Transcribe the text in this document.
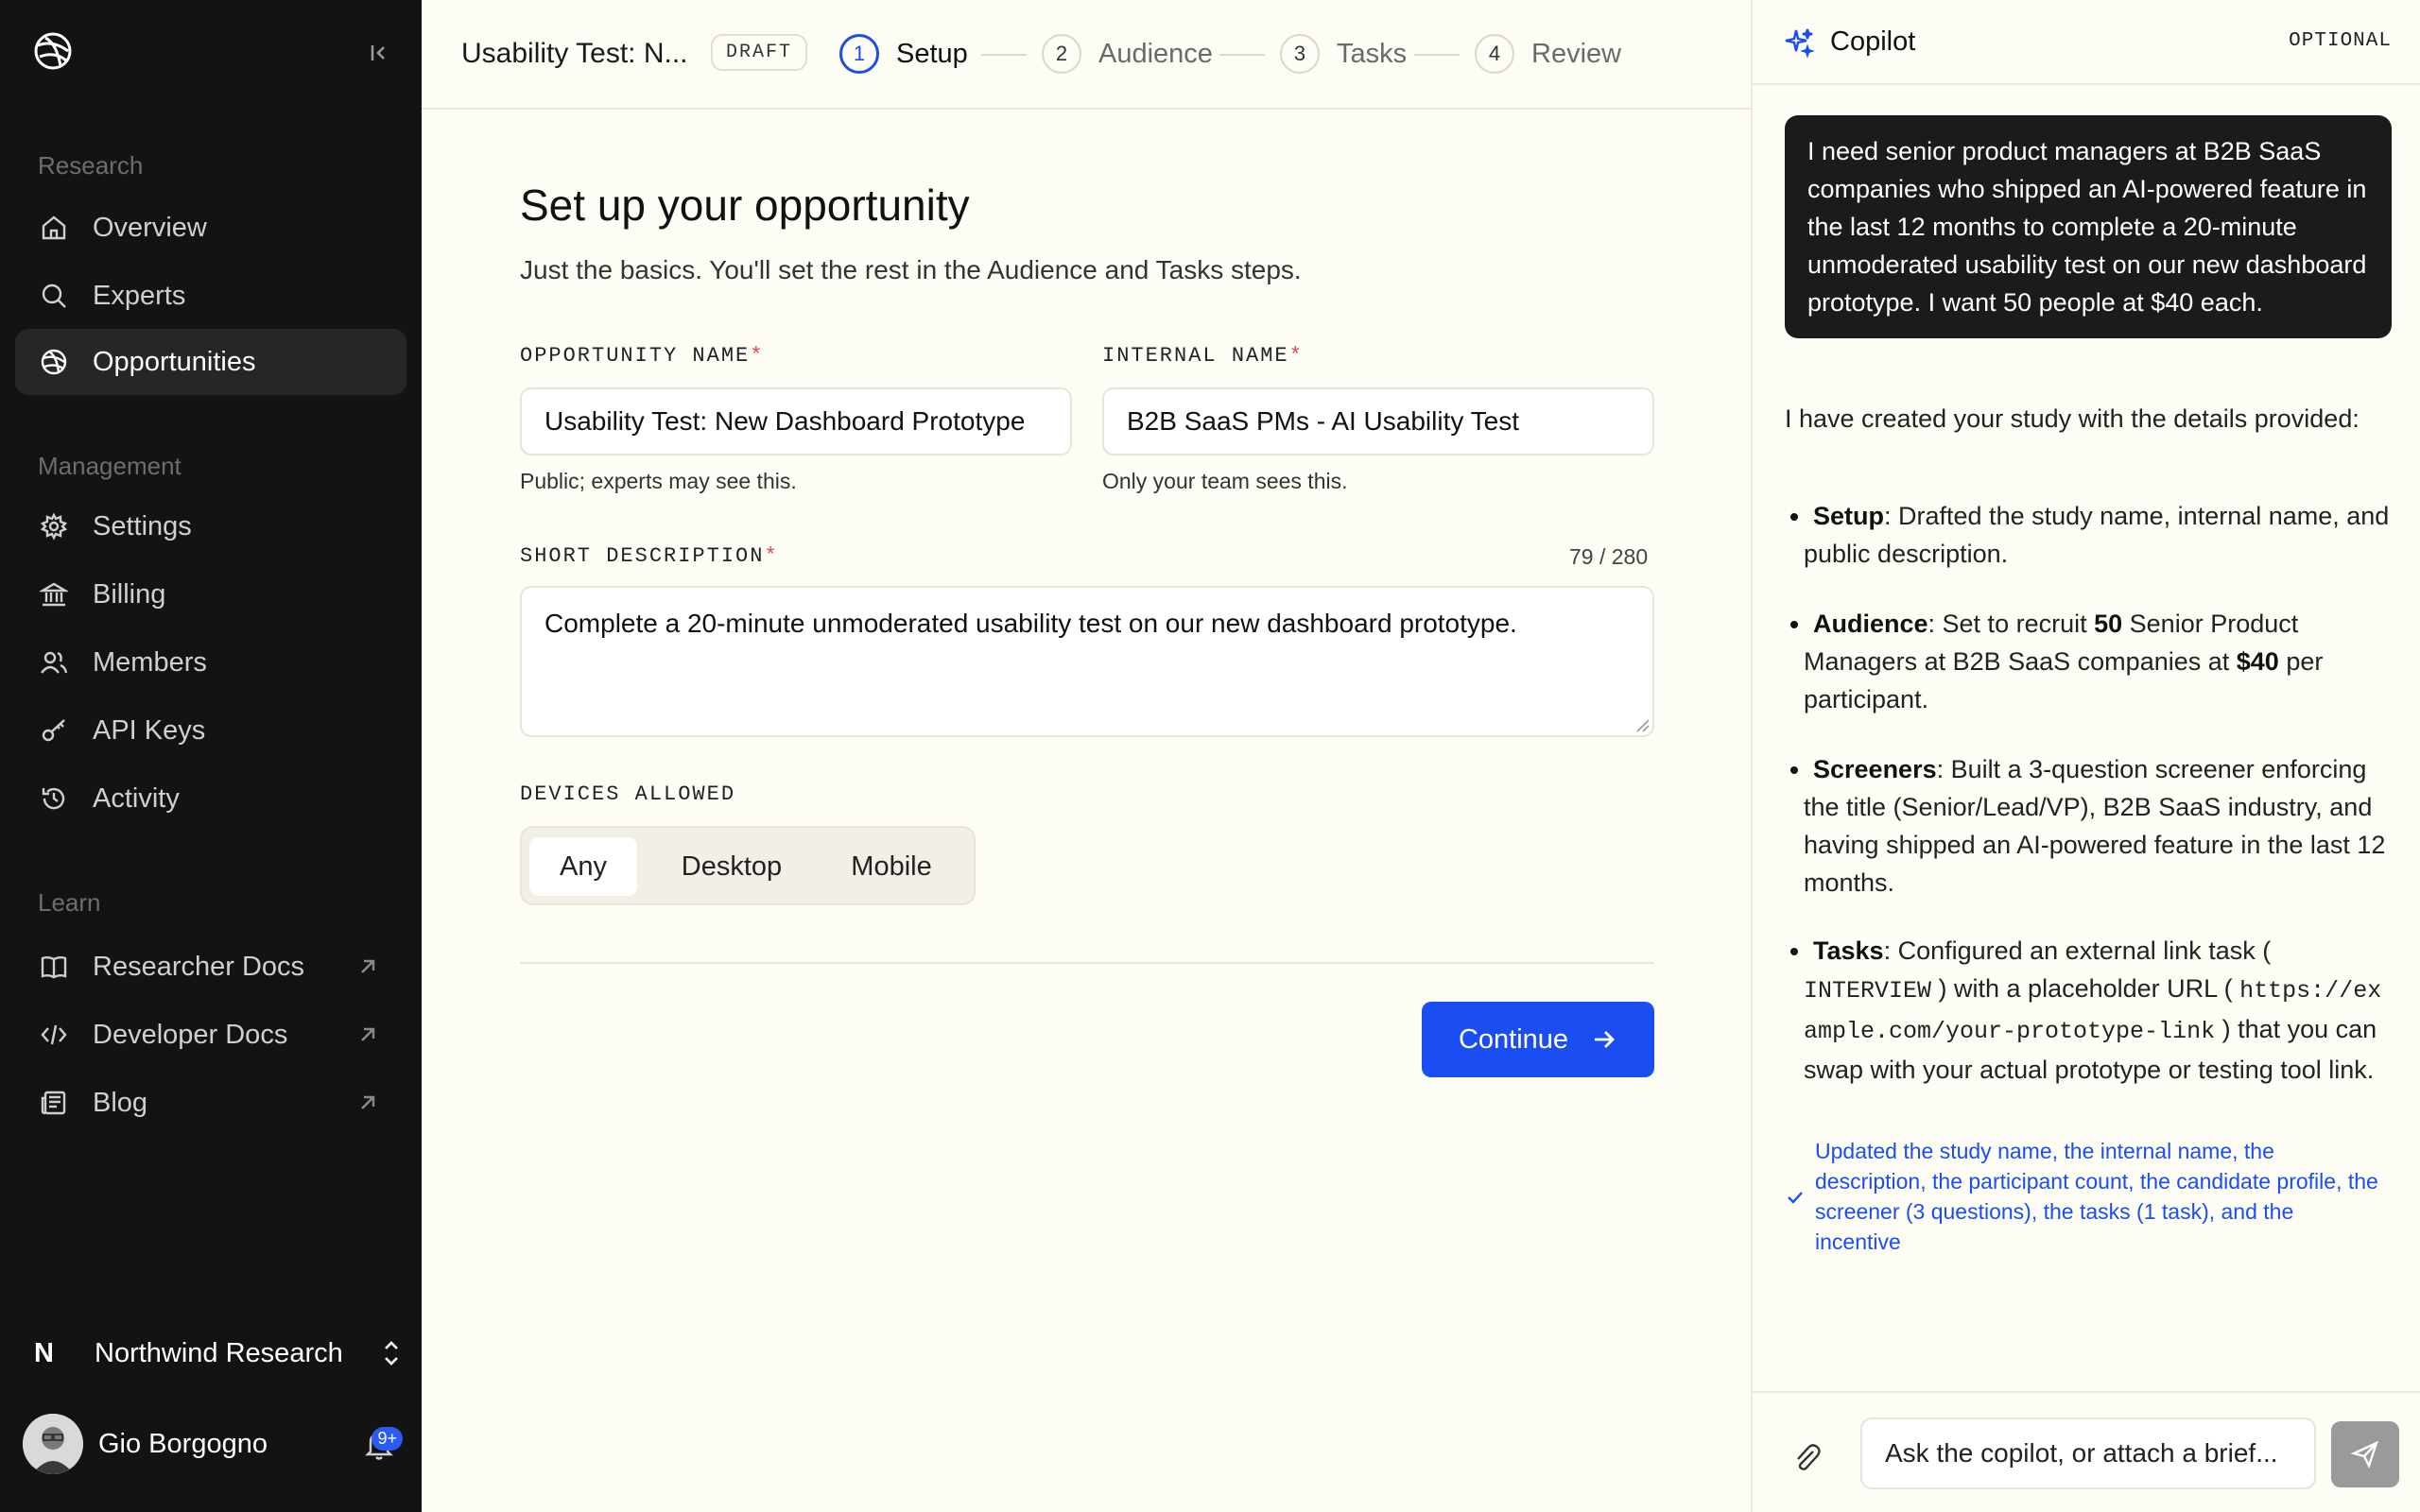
Research
Overview
Experts
Opportunities
Management
Settings
Billing
Members
API Keys
Activity
Learn
Researcher Docs
Developer Docs
Blog
N	Northwind Research
Gio Borgogno	9+
Usability Test: N...	DRAFT	1	Setup	2	Audience	3	Tasks	4	Review
Set up your opportunity

Just the basics. You'll set the rest in the Audience and Tasks steps.

OPPORTUNITY NAME*
Usability Test: New Dashboard Prototype
Public; experts may see this.
INTERNAL NAME*
B2B SaaS PMs - AI Usability Test
Only your team sees this.
SHORT DESCRIPTION*	79 / 280
Complete a 20-minute unmoderated usability test on our new dashboard prototype.
DEVICES ALLOWED
Any	Desktop	Mobile
Continue
Copilot	OPTIONAL
I need senior product managers at B2B SaaS companies who shipped an AI-powered feature in the last 12 months to complete a 20-minute unmoderated usability test on our new dashboard prototype. I want 50 people at $40 each.
I have created your study with the details provided:
Setup: Drafted the study name, internal name, and public description.
Audience: Set to recruit 50 Senior Product Managers at B2B SaaS companies at $40 per participant.
Screeners: Built a 3-question screener enforcing the title (Senior/Lead/VP), B2B SaaS industry, and having shipped an AI-powered feature in the last 12 months.
Tasks: Configured an external link task ( INTERVIEW ) with a placeholder URL ( https://example.com/your-prototype-link ) that you can swap with your actual prototype or testing tool link.
Updated the study name, the internal name, the description, the participant count, the candidate profile, the screener (3 questions), the tasks (1 task), and the incentive
Ask the copilot, or attach a brief...
